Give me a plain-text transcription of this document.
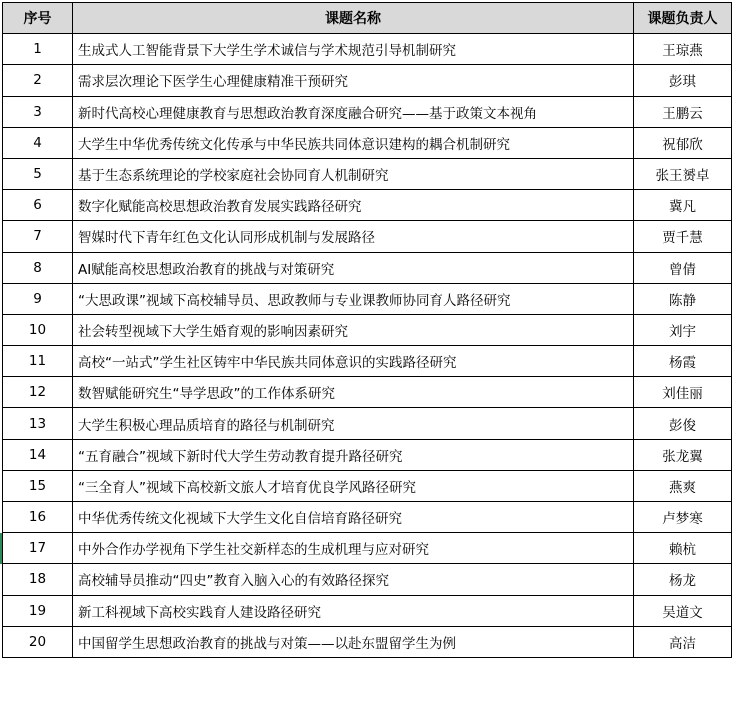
序号	课题名称	课题负责人
1	生成式人工智能背景下大学生学术诚信与学术规范引导机制研究	王琼燕
2	需求层次理论下医学生心理健康精准干预研究	彭琪
3	新时代高校心理健康教育与思想政治教育深度融合研究——基于政策文本视角	王鹏云
4	大学生中华优秀传统文化传承与中华民族共同体意识建构的耦合机制研究	祝郁欣
5	基于生态系统理论的学校家庭社会协同育人机制研究	张王赟卓
6	数字化赋能高校思想政治教育发展实践路径研究	冀凡
7	智媒时代下青年红色文化认同形成机制与发展路径	贾千慧
8	AI赋能高校思想政治教育的挑战与对策研究	曾倩
9	“大思政课”视域下高校辅导员、思政教师与专业课教师协同育人路径研究	陈静
10	社会转型视域下大学生婚育观的影响因素研究	刘宇
11	高校“一站式”学生社区铸牢中华民族共同体意识的实践路径研究	杨霞
12	数智赋能研究生“导学思政”的工作体系研究	刘佳丽
13	大学生积极心理品质培育的路径与机制研究	彭俊
14	“五育融合”视域下新时代大学生劳动教育提升路径研究	张龙翼
15	“三全育人”视域下高校新文旅人才培育优良学风路径研究	燕爽
16	中华优秀传统文化视域下大学生文化自信培育路径研究	卢梦寒
17	中外合作办学视角下学生社交新样态的生成机理与应对研究	赖杭
18	高校辅导员推动“四史”教育入脑入心的有效路径探究	杨龙
19	新工科视域下高校实践育人建设路径研究	吴道文
20	中国留学生思想政治教育的挑战与对策——以赴东盟留学生为例	高洁
